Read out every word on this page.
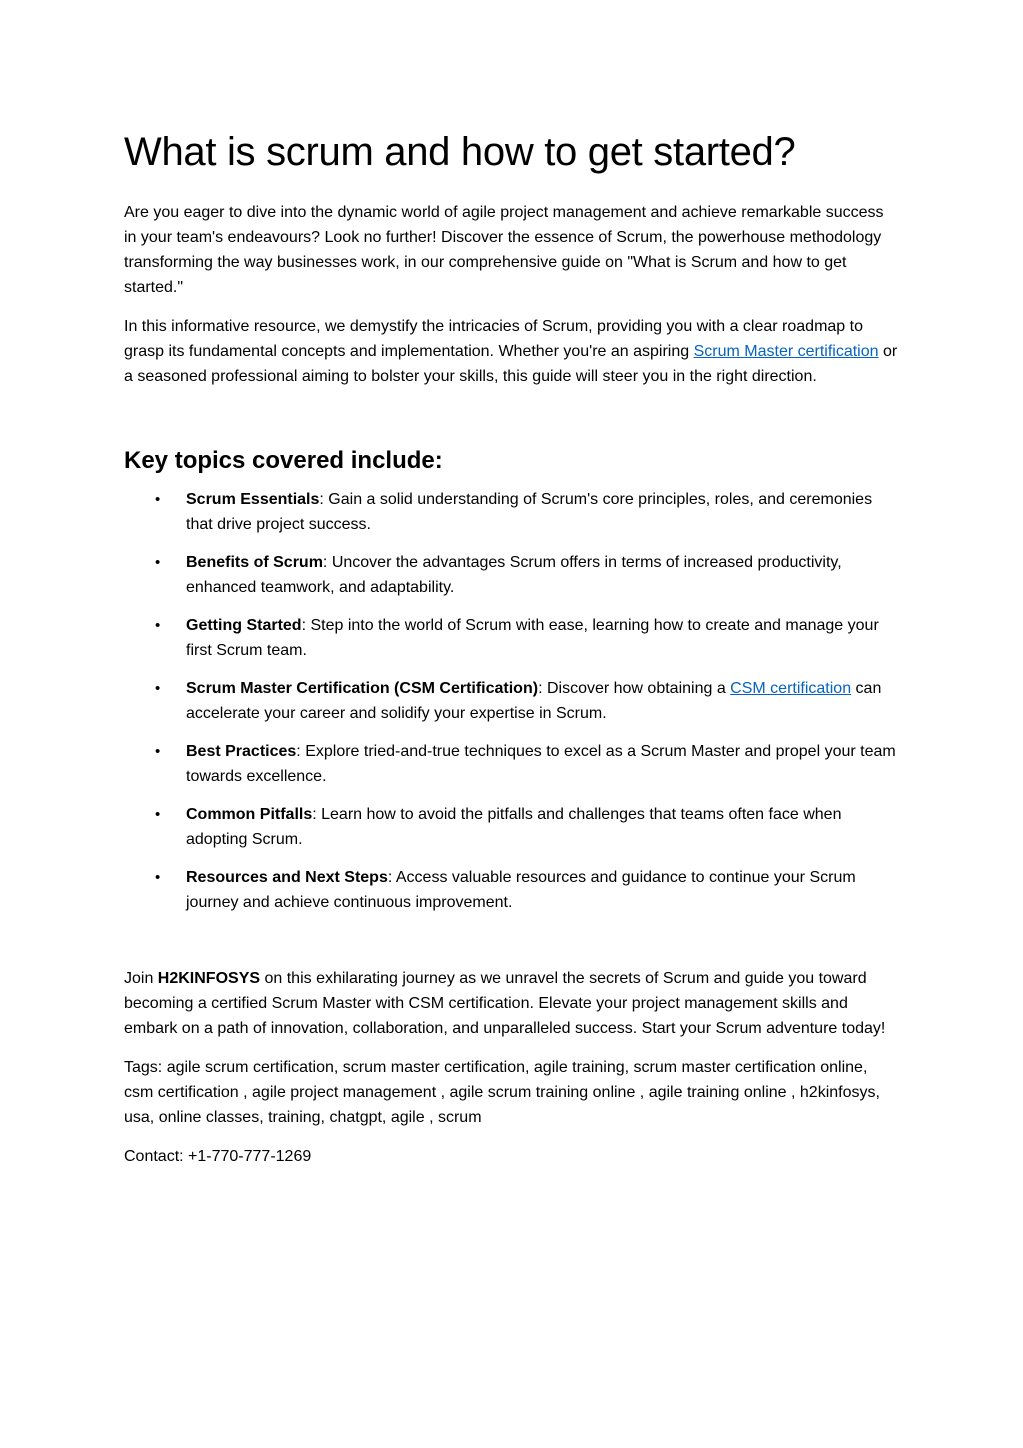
What is scrum and how to get started?

Are you eager to dive into the dynamic world of agile project management and achieve remarkable success in your team's endeavours? Look no further! Discover the essence of Scrum, the powerhouse methodology transforming the way businesses work, in our comprehensive guide on "What is Scrum and how to get started."

In this informative resource, we demystify the intricacies of Scrum, providing you with a clear roadmap to grasp its fundamental concepts and implementation. Whether you're an aspiring Scrum Master certification or a seasoned professional aiming to bolster your skills, this guide will steer you in the right direction.

Key topics covered include:
• Scrum Essentials: Gain a solid understanding of Scrum's core principles, roles, and ceremonies that drive project success.
• Benefits of Scrum: Uncover the advantages Scrum offers in terms of increased productivity, enhanced teamwork, and adaptability.
• Getting Started: Step into the world of Scrum with ease, learning how to create and manage your first Scrum team.
• Scrum Master Certification (CSM Certification): Discover how obtaining a CSM certification can accelerate your career and solidify your expertise in Scrum.
• Best Practices: Explore tried-and-true techniques to excel as a Scrum Master and propel your team towards excellence.
• Common Pitfalls: Learn how to avoid the pitfalls and challenges that teams often face when adopting Scrum.
• Resources and Next Steps: Access valuable resources and guidance to continue your Scrum journey and achieve continuous improvement.

Join H2KINFOSYS on this exhilarating journey as we unravel the secrets of Scrum and guide you toward becoming a certified Scrum Master with CSM certification. Elevate your project management skills and embark on a path of innovation, collaboration, and unparalleled success. Start your Scrum adventure today!

Tags: agile scrum certification, scrum master certification, agile training, scrum master certification online, csm certification , agile project management , agile scrum training online , agile training online , h2kinfosys, usa, online classes, training, chatgpt, agile , scrum

Contact: +1-770-777-1269
